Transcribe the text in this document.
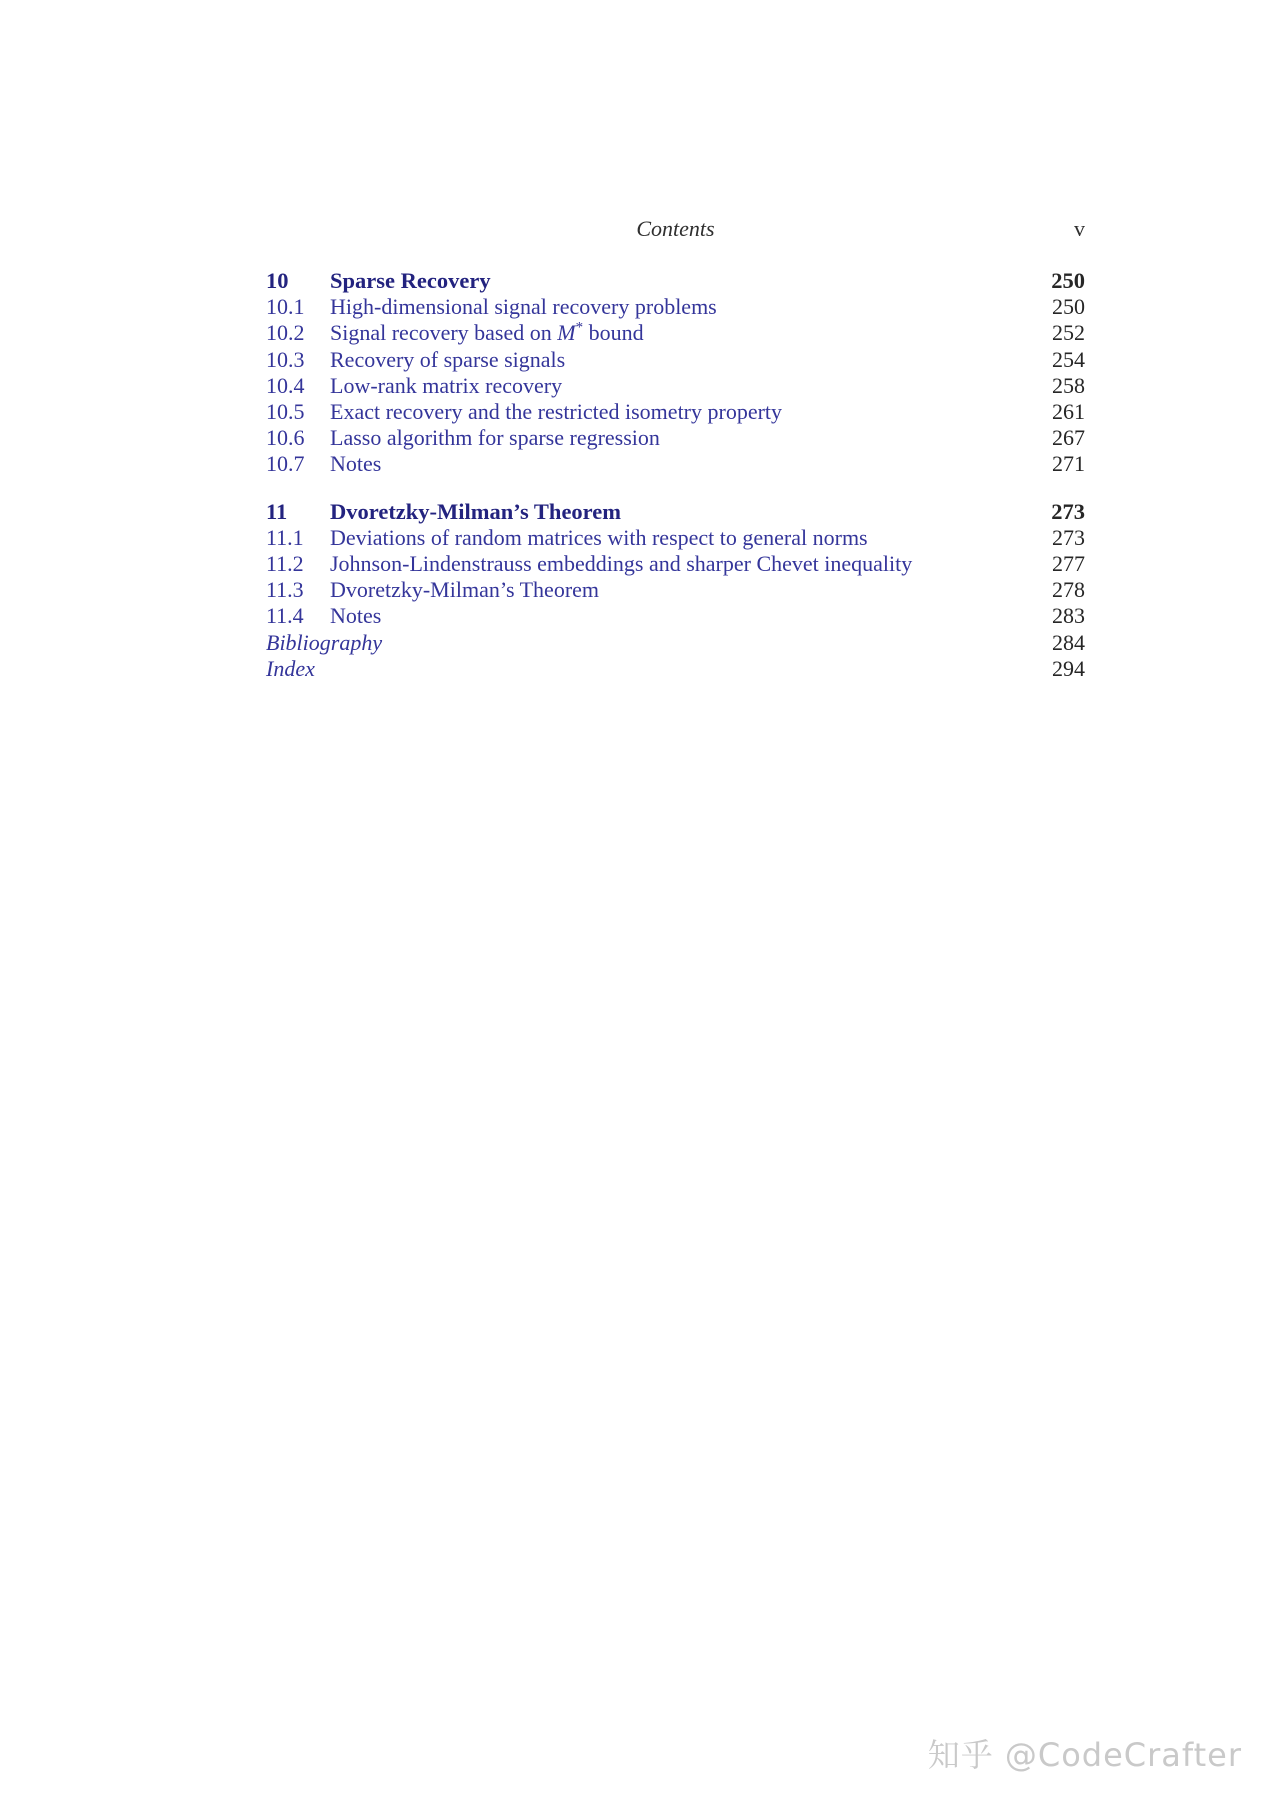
Contents	v
10	Sparse Recovery	250
10.1	High-dimensional signal recovery problems	250
10.2	Signal recovery based on M* bound	252
10.3	Recovery of sparse signals	254
10.4	Low-rank matrix recovery	258
10.5	Exact recovery and the restricted isometry property	261
10.6	Lasso algorithm for sparse regression	267
10.7	Notes	271
11	Dvoretzky-Milman’s Theorem	273
11.1	Deviations of random matrices with respect to general norms	273
11.2	Johnson-Lindenstrauss embeddings and sharper Chevet inequality	277
11.3	Dvoretzky-Milman’s Theorem	278
11.4	Notes	283
Bibliography	284
Index	294
知乎 @CodeCrafter
